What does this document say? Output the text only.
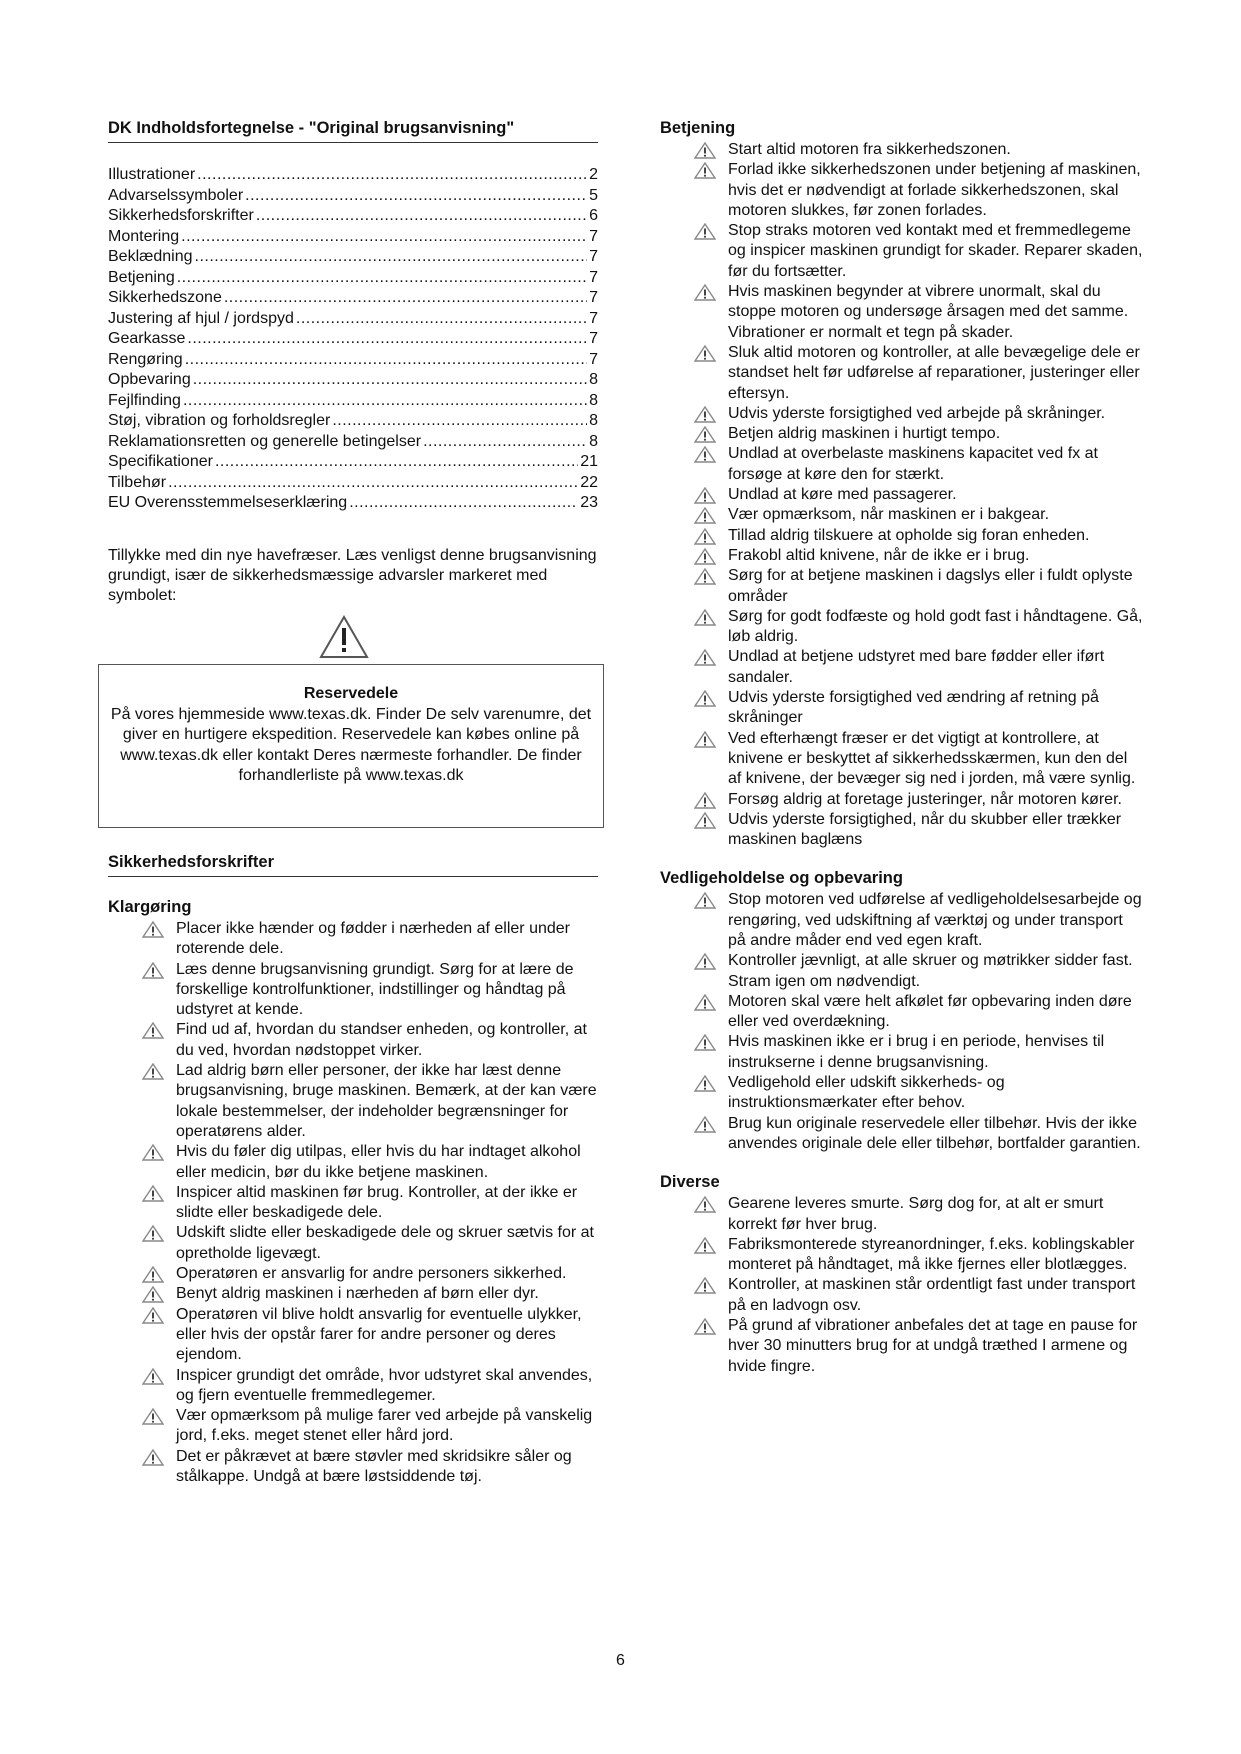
DK Indholdsfortegnelse - "Original brugsanvisning"

Illustrationer .....	2
Advarselssymboler .....	5
Sikkerhedsforskrifter .....	6
Montering .....	7
Beklædning .....	7
Betjening .....	7
Sikkerhedszone .....	7
Justering af hjul / jordspyd .....	7
Gearkasse .....	7
Rengøring .....	7
Opbevaring .....	8
Fejlfinding .....	8
Støj, vibration og forholdsregler .....	8
Reklamationsretten og generelle betingelser .....	8
Specifikationer .....	21
Tilbehør .....	22
EU Overensstemmelseserklæring .....	23
Tillykke med din nye havefræser. Læs venligst denne brugsanvisning grundigt, især de sikkerhedsmæssige advarsler markeret med symbolet:
Reservedele
På vores hjemmeside www.texas.dk. Finder De selv varenumre, det giver en hurtigere ekspedition. Reservedele kan købes online på www.texas.dk eller kontakt Deres nærmeste forhandler. De finder forhandlerliste på www.texas.dk

Sikkerhedsforskrifter

Klargøring

Placer ikke hænder og fødder i nærheden af eller under roterende dele.
Læs denne brugsanvisning grundigt. Sørg for at lære de forskellige kontrolfunktioner, indstillinger og håndtag på udstyret at kende.
Find ud af, hvordan du standser enheden, og kontroller, at du ved, hvordan nødstoppet virker.
Lad aldrig børn eller personer, der ikke har læst denne brugsanvisning, bruge maskinen. Bemærk, at der kan være lokale bestemmelser, der indeholder begrænsninger for operatørens alder.
Hvis du føler dig utilpas, eller hvis du har indtaget alkohol eller medicin, bør du ikke betjene maskinen.
Inspicer altid maskinen før brug. Kontroller, at der ikke er slidte eller beskadigede dele.
Udskift slidte eller beskadigede dele og skruer sætvis for at opretholde ligevægt.
Operatøren er ansvarlig for andre personers sikkerhed.
Benyt aldrig maskinen i nærheden af børn eller dyr.
Operatøren vil blive holdt ansvarlig for eventuelle ulykker, eller hvis der opstår farer for andre personer og deres ejendom.
Inspicer grundigt det område, hvor udstyret skal anvendes, og fjern eventuelle fremmedlegemer.
Vær opmærksom på mulige farer ved arbejde på vanskelig jord, f.eks. meget stenet eller hård jord.
Det er påkrævet at bære støvler med skridsikre såler og stålkappe. Undgå at bære løstsiddende tøj.

Betjening

Start altid motoren fra sikkerhedszonen.
Forlad ikke sikkerhedszonen under betjening af maskinen, hvis det er nødvendigt at forlade sikkerhedszonen, skal motoren slukkes, før zonen forlades.
Stop straks motoren ved kontakt med et fremmedlegeme og inspicer maskinen grundigt for skader. Reparer skaden, før du fortsætter.
Hvis maskinen begynder at vibrere unormalt, skal du stoppe motoren og undersøge årsagen med det samme. Vibrationer er normalt et tegn på skader.
Sluk altid motoren og kontroller, at alle bevægelige dele er standset helt før udførelse af reparationer, justeringer eller eftersyn.
Udvis yderste forsigtighed ved arbejde på skråninger.
Betjen aldrig maskinen i hurtigt tempo.
Undlad at overbelaste maskinens kapacitet ved fx at forsøge at køre den for stærkt.
Undlad at køre med passagerer.
Vær opmærksom, når maskinen er i bakgear.
Tillad aldrig tilskuere at opholde sig foran enheden.
Frakobl altid knivene, når de ikke er i brug.
Sørg for at betjene maskinen i dagslys eller i fuldt oplyste områder
Sørg for godt fodfæste og hold godt fast i håndtagene. Gå, løb aldrig.
Undlad at betjene udstyret med bare fødder eller iført sandaler.
Udvis yderste forsigtighed ved ændring af retning på skråninger
Ved efterhængt fræser er det vigtigt at kontrollere, at knivene er beskyttet af sikkerhedsskærmen, kun den del af knivene, der bevæger sig ned i jorden, må være synlig.
Forsøg aldrig at foretage justeringer, når motoren kører.
Udvis yderste forsigtighed, når du skubber eller trækker maskinen baglæns

Vedligeholdelse og opbevaring

Stop motoren ved udførelse af vedligeholdelsesarbejde og rengøring, ved udskiftning af værktøj og under transport på andre måder end ved egen kraft.
Kontroller jævnligt, at alle skruer og møtrikker sidder fast. Stram igen om nødvendigt.
Motoren skal være helt afkølet før opbevaring inden døre eller ved overdækning.
Hvis maskinen ikke er i brug i en periode, henvises til instrukserne i denne brugsanvisning.
Vedligehold eller udskift sikkerheds- og instruktionsmærkater efter behov.
Brug kun originale reservedele eller tilbehør. Hvis der ikke anvendes originale dele eller tilbehør, bortfalder garantien.

Diverse

Gearene leveres smurte. Sørg dog for, at alt er smurt korrekt før hver brug.
Fabriksmonterede styreanordninger, f.eks. koblingskabler monteret på håndtaget, må ikke fjernes eller blotlægges.
Kontroller, at maskinen står ordentligt fast under transport på en ladvogn osv.
På grund af vibrationer anbefales det at tage en pause for hver 30 minutters brug for at undgå træthed I armene og hvide fingre.
6
